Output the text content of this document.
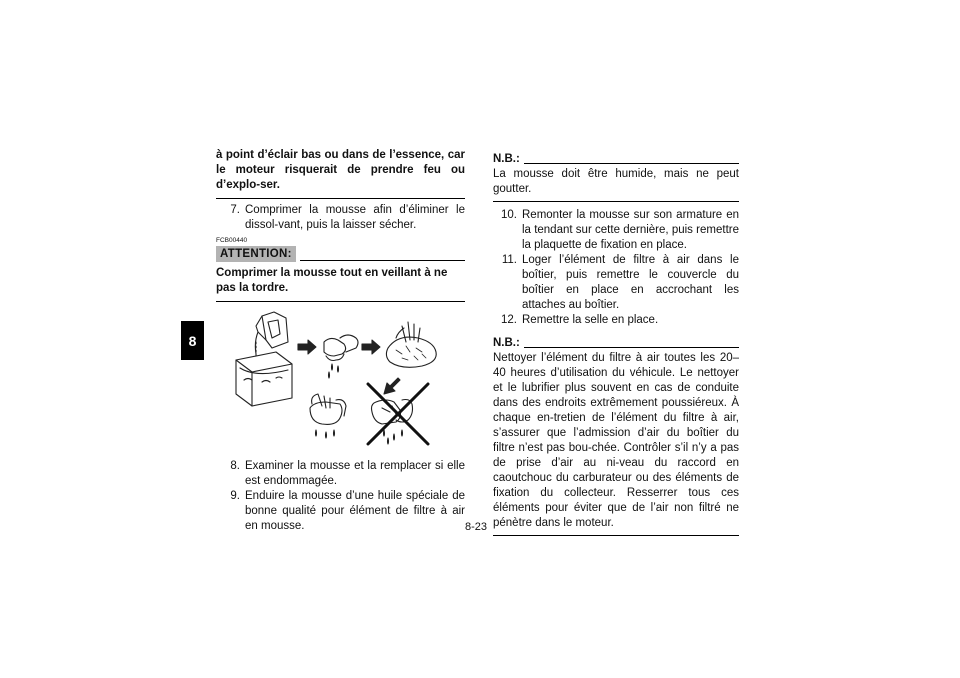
8

à point d’éclair bas ou dans de l’essence, car le moteur risquerait de prendre feu ou d’explo-ser.

7. Comprimer la mousse afin d’éliminer le dissol-vant, puis la laisser sécher.
FCB00440
ATTENTION:

Comprimer la mousse tout en veillant à ne pas la tordre.

8. Examiner la mousse et la remplacer si elle est endommagée.
9. Enduire la mousse d’une huile spéciale de bonne qualité pour élément de filtre à air en mousse.
N.B.:

La mousse doit être humide, mais ne peut goutter.

10. Remonter la mousse sur son armature en la tendant sur cette dernière, puis remettre la plaquette de fixation en place.
11. Loger l’élément de filtre à air dans le boîtier, puis remettre le couvercle du boîtier en place en accrochant les attaches au boîtier.
12. Remettre la selle en place.
N.B.:

Nettoyer l’élément du filtre à air toutes les 20–40 heures d’utilisation du véhicule. Le nettoyer et le lubrifier plus souvent en cas de conduite dans des endroits extrêmement poussiéreux. À chaque en-tretien de l’élément du filtre à air, s’assurer que l’admission d’air du boîtier du filtre n’est pas bou-chée. Contrôler s’il n’y a pas de prise d’air au ni-veau du raccord en caoutchouc du carburateur ou des éléments de fixation du collecteur. Resserrer tous ces éléments pour éviter que de l’air non filtré ne pénètre dans le moteur.

8-23
